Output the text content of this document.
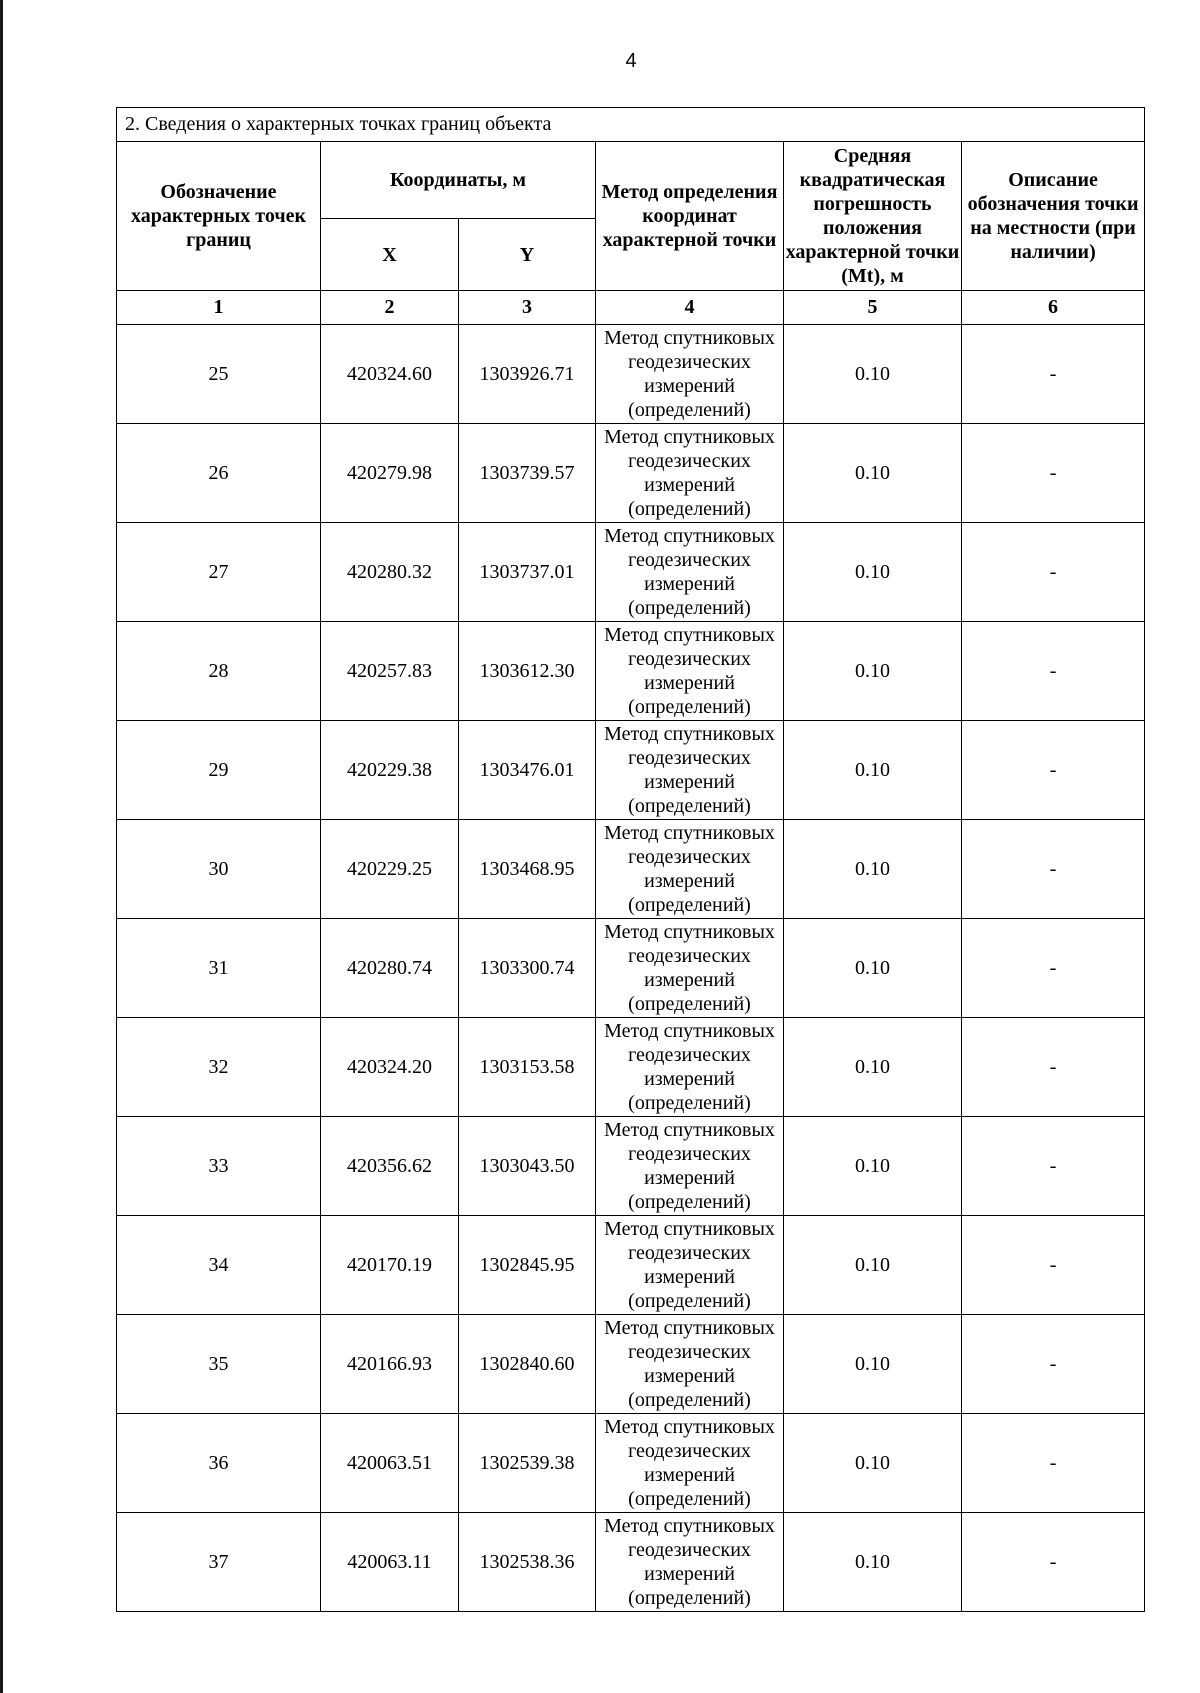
4
2. Сведения о характерных точках границ объекта					
Обозначение характерных точек границ	Координаты, м		Метод определения координат характерной точки	Средняя квадратическая погрешность положения характерной точки (Mt), м	Описание обозначения точки на местности (при наличии)
	X	Y			
1	2	3	4	5	6
25	420324.60	1303926.71	Метод спутниковых геодезических измерений (определений)	0.10	-
26	420279.98	1303739.57	Метод спутниковых геодезических измерений (определений)	0.10	-
27	420280.32	1303737.01	Метод спутниковых геодезических измерений (определений)	0.10	-
28	420257.83	1303612.30	Метод спутниковых геодезических измерений (определений)	0.10	-
29	420229.38	1303476.01	Метод спутниковых геодезических измерений (определений)	0.10	-
30	420229.25	1303468.95	Метод спутниковых геодезических измерений (определений)	0.10	-
31	420280.74	1303300.74	Метод спутниковых геодезических измерений (определений)	0.10	-
32	420324.20	1303153.58	Метод спутниковых геодезических измерений (определений)	0.10	-
33	420356.62	1303043.50	Метод спутниковых геодезических измерений (определений)	0.10	-
34	420170.19	1302845.95	Метод спутниковых геодезических измерений (определений)	0.10	-
35	420166.93	1302840.60	Метод спутниковых геодезических измерений (определений)	0.10	-
36	420063.51	1302539.38	Метод спутниковых геодезических измерений (определений)	0.10	-
37	420063.11	1302538.36	Метод спутниковых геодезических измерений (определений)	0.10	-
